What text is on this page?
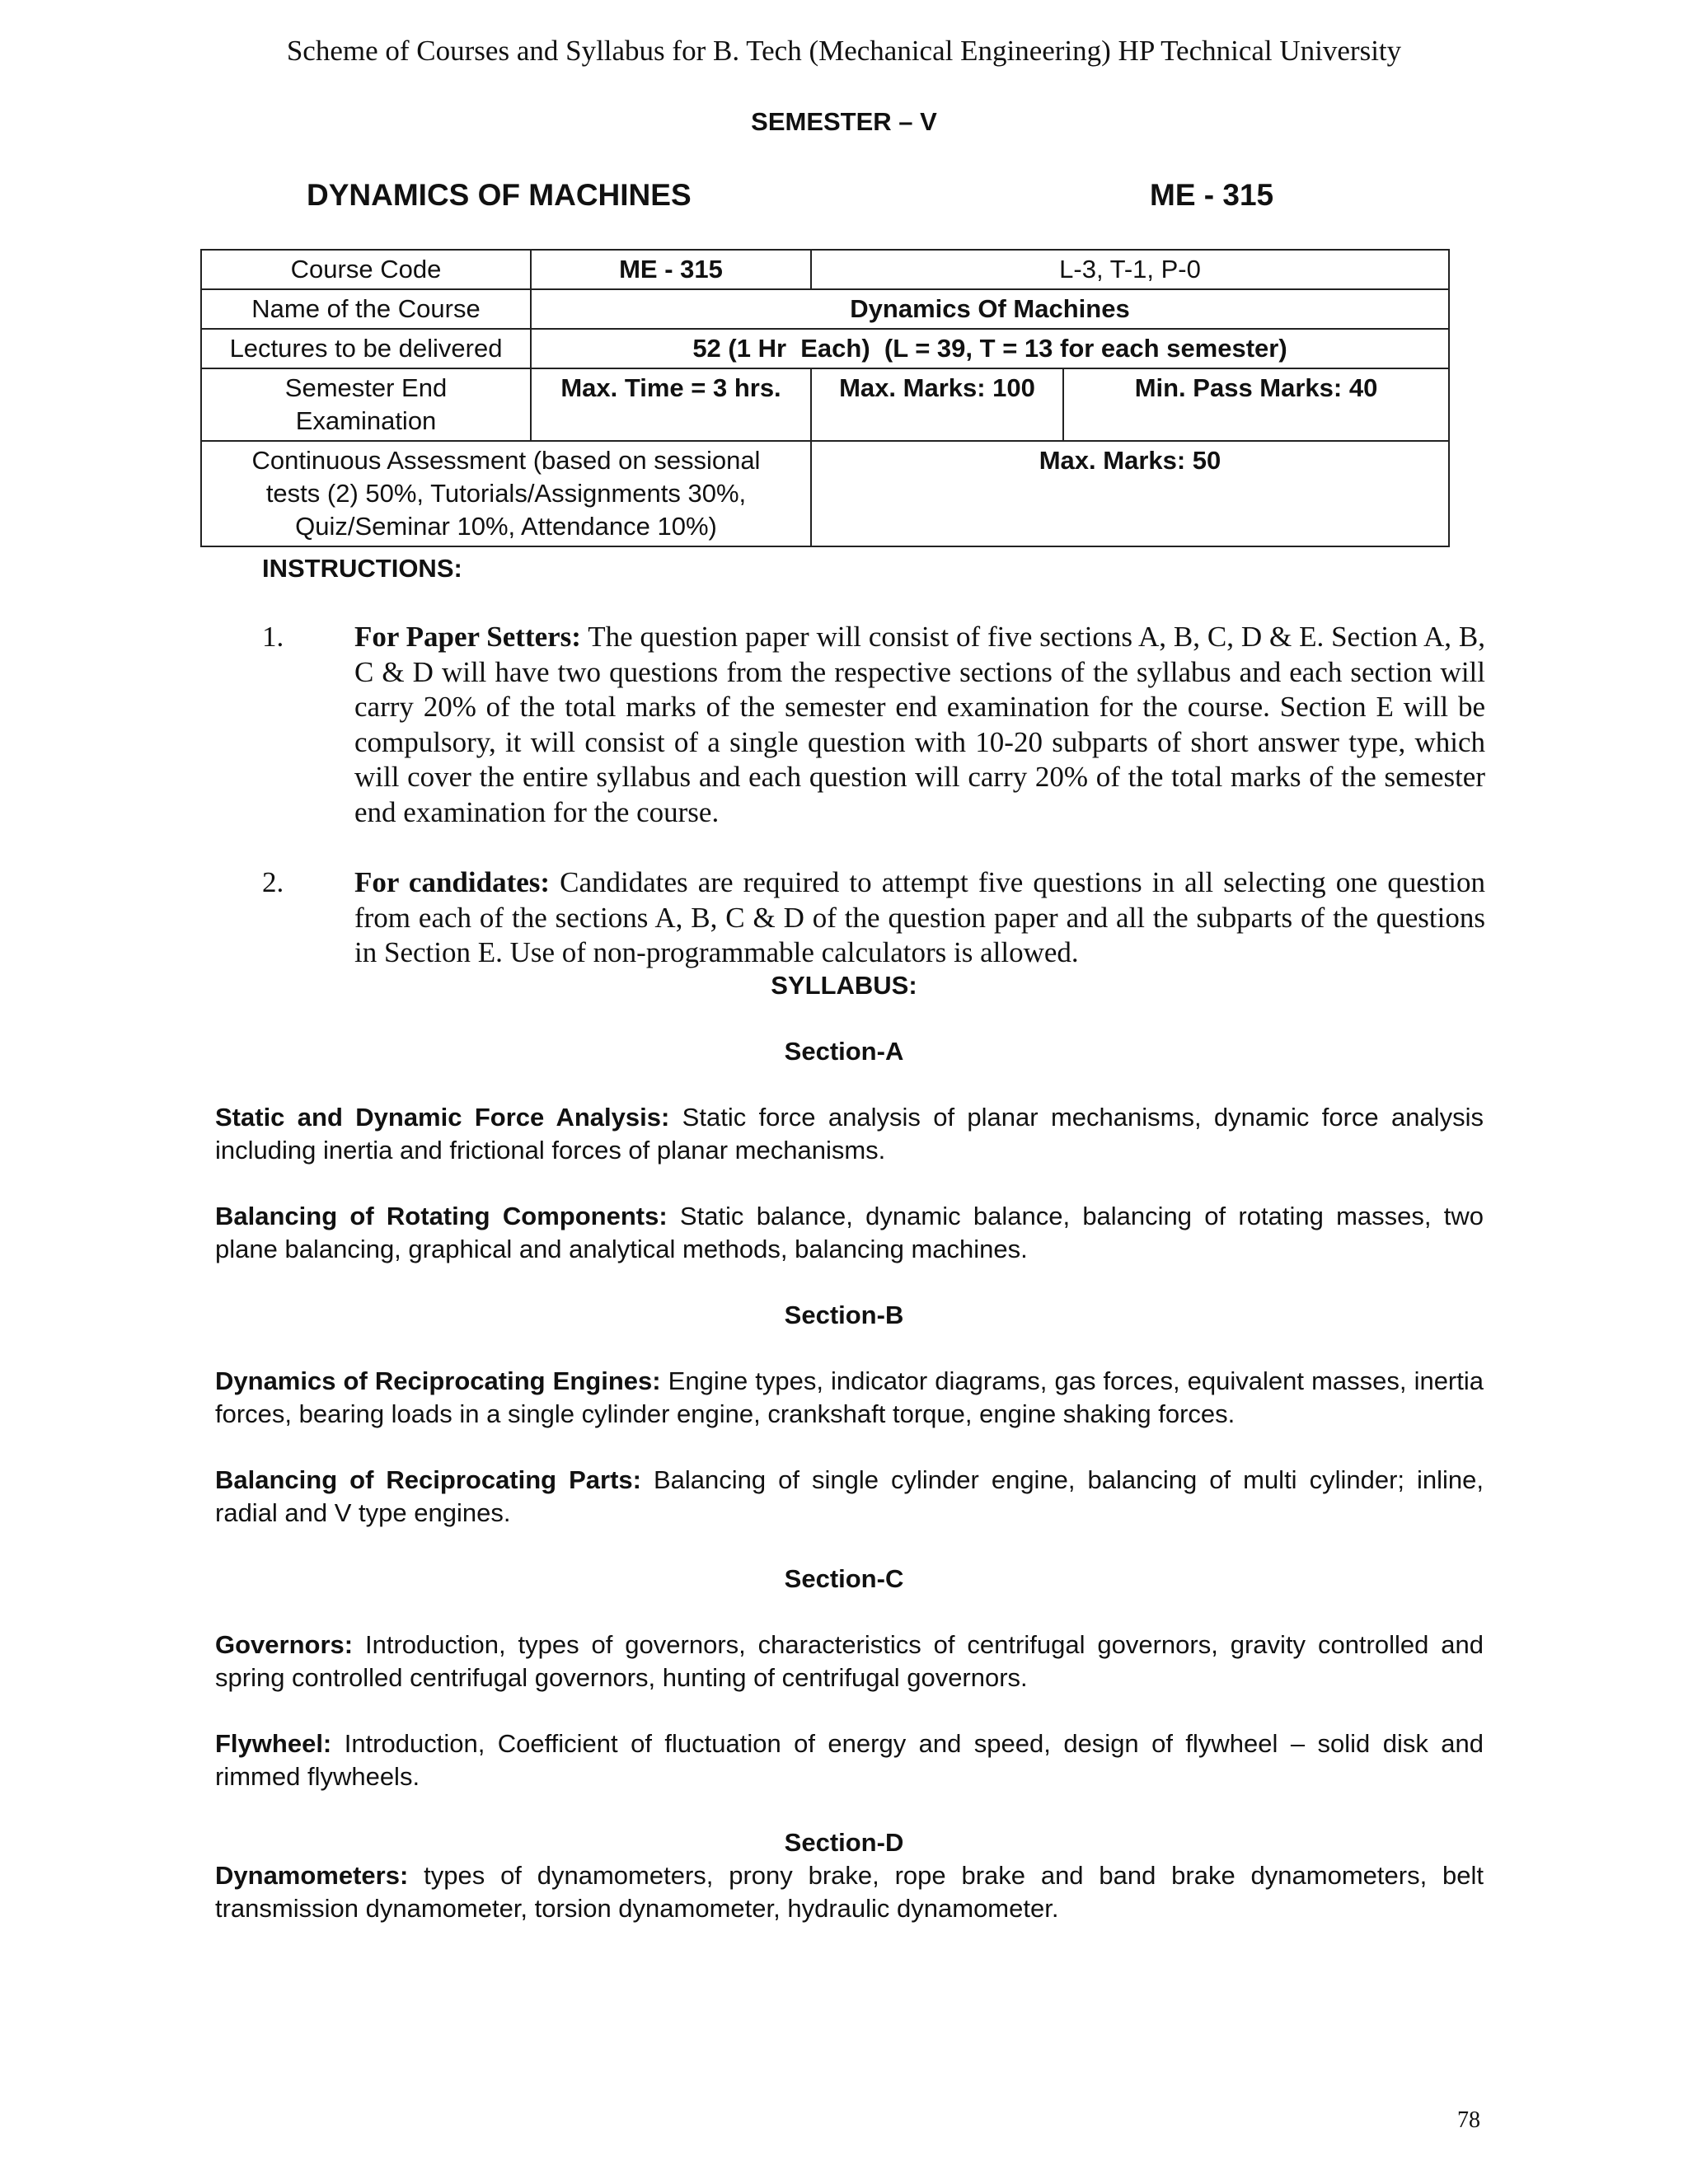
Scheme of Courses and Syllabus for B. Tech (Mechanical Engineering) HP Technical University
SEMESTER – V
DYNAMICS OF MACHINES	ME - 315
Course Code	ME - 315	L-3, T-1, P-0	
Name of the Course	Dynamics Of Machines		
Lectures to be delivered	52 (1 Hr  Each)  (L = 39, T = 13 for each semester)		
Semester End Examination	Max. Time = 3 hrs.	Max. Marks: 100	Min. Pass Marks: 40
Continuous Assessment (based on sessional tests (2) 50%, Tutorials/Assignments 30%, Quiz/Seminar 10%, Attendance 10%)		Max. Marks: 50	
INSTRUCTIONS:
1. For Paper Setters: The question paper will consist of five sections A, B, C, D & E. Section A, B, C & D will have two questions from the respective sections of the syllabus and each section will carry 20% of the total marks of the semester end examination for the course. Section E will be compulsory, it will consist of a single question with 10-20 subparts of short answer type, which will cover the entire syllabus and each question will carry 20% of the total marks of the semester end examination for the course.
2. For candidates: Candidates are required to attempt five questions in all selecting one question from each of the sections A, B, C & D of the question paper and all the subparts of the questions in Section E. Use of non-programmable calculators is allowed.
SYLLABUS:
Section-A
Static and Dynamic Force Analysis: Static force analysis of planar mechanisms, dynamic force analysis including inertia and frictional forces of planar mechanisms.
Balancing of Rotating Components: Static balance, dynamic balance, balancing of rotating masses, two plane balancing, graphical and analytical methods, balancing machines.
Section-B
Dynamics of Reciprocating Engines: Engine types, indicator diagrams, gas forces, equivalent masses, inertia forces, bearing loads in a single cylinder engine, crankshaft torque, engine shaking forces.
Balancing of Reciprocating Parts: Balancing of single cylinder engine, balancing of multi cylinder; inline, radial and V type engines.
Section-C
Governors: Introduction, types of governors, characteristics of centrifugal governors, gravity controlled and spring controlled centrifugal governors, hunting of centrifugal governors.
Flywheel: Introduction, Coefficient of fluctuation of energy and speed, design of flywheel – solid disk and rimmed flywheels.
Section-D
Dynamometers: types of dynamometers, prony brake, rope brake and band brake dynamometers, belt transmission dynamometer, torsion dynamometer, hydraulic dynamometer.
78
